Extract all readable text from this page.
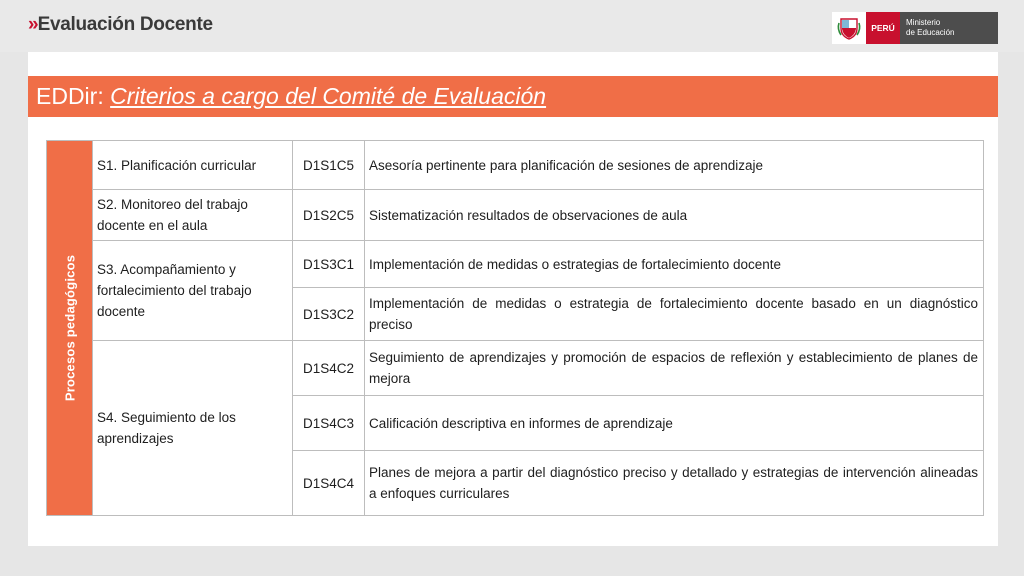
» Evaluación Docente	PERÚ
Ministerio
de Educación
EDDir: Criterios a cargo del Comité de Evaluación
Procesos pedagógicos	S1. Planificación curricular	D1S1C5	Asesoría pertinente para planificación de sesiones de aprendizaje
	S2. Monitoreo del trabajo docente en el aula	D1S2C5	Sistematización resultados de observaciones de aula
	S3. Acompañamiento y fortalecimiento del trabajo docente	D1S3C1	Implementación de medidas o estrategias de fortalecimiento docente
		D1S3C2	Implementación de medidas o estrategia de fortalecimiento docente basado en un diagnóstico preciso
	S4. Seguimiento de los aprendizajes	D1S4C2	Seguimiento de aprendizajes y promoción de espacios de reflexión y establecimiento de planes de mejora
		D1S4C3	Calificación descriptiva en informes de aprendizaje
		D1S4C4	Planes de mejora a partir del diagnóstico preciso y detallado y estrategias de intervención alineadas a enfoques curriculares
